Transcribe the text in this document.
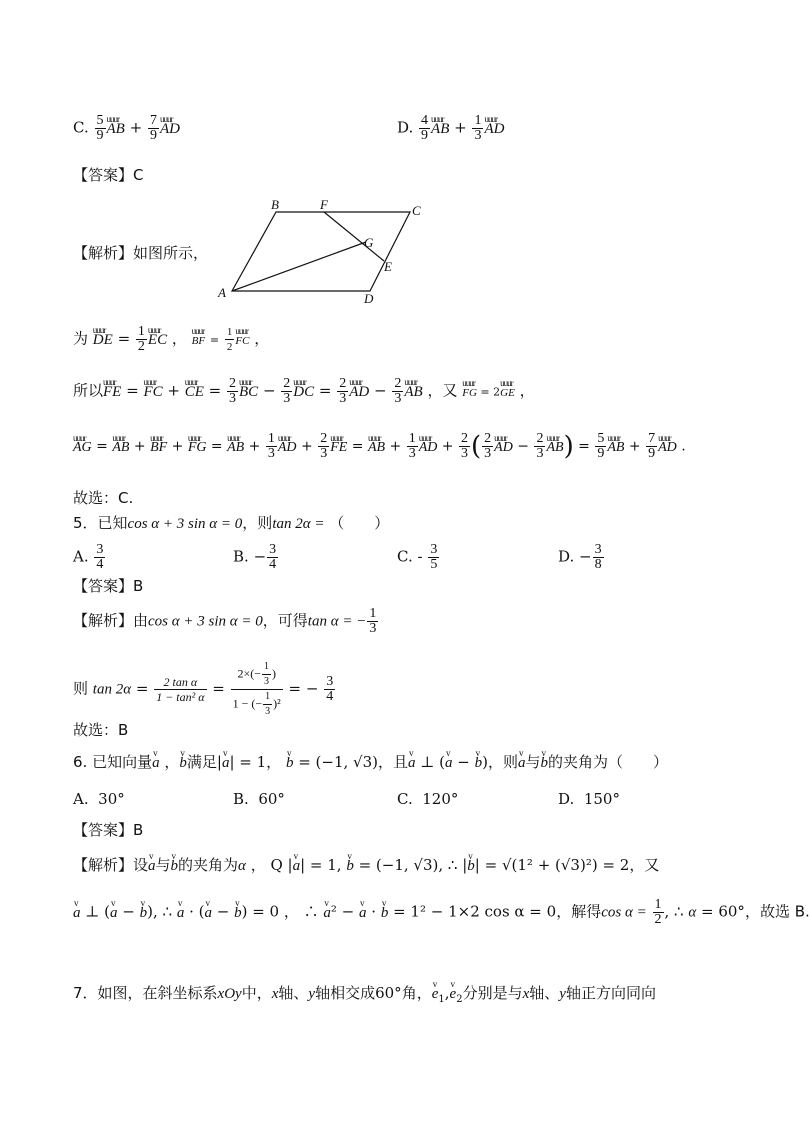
C. $\frac{5}{9}$ uuur AB + $\frac{7}{9}$ uuur AD	D. $\frac{4}{9}$ uuur AB + $\frac{1}{3}$ uuur AD
【答案】C
B	F	C
G
E
A	D
【解析】如图所示，
为 uuur DE = $\frac{1}{2}$ uuur EC ， uuur BF = $\frac{1}{2}$ uuur FC ，
所以uuur FE = uuur FC + uuur CE = $\frac{2}{3}$ uuur BC − $\frac{2}{3}$ uuur DC = $\frac{2}{3}$ uuur AD − $\frac{2}{3}$ uuur AB ，又 uuur FG = 2uuur GE ，
uuur AG = uuur AB + uuur BF + uuur FG = uuur AB + $\frac{1}{3}$ uuur AD + $\frac{2}{3}$ uuur FE = uuur AB + $\frac{1}{3}$ uuur AD + $\frac{2}{3}$ ( $\frac{2}{3}$ uuur AD − $\frac{2}{3}$ uuur $AB) = \frac{5}{9}$ uuur AB + $\frac{7}{9}$ uuur AD .
故选：C.
5．已知cos α + 3 sin α = 0，则tan 2α = （　　）
A. $\frac{3}{4}$	B. − $\frac{3}{4}$	C. - $\frac{3}{5}$	D. − $\frac{3}{8}$
【答案】B
【解析】由cos α + 3 sin α = 0，可得tan α = − $\frac{1}{3}$
则 $\tan 2\alpha = \frac{\text{2 tan α}}{\text{1 − tan² α}} = \frac{2\times(- \frac{1}{3} )}{1 - (- \frac{1}{3} )^2}$ = − $\frac{3}{4}$
故选：B
6. 已知向量v a ，v b满足|v a| = 1， v b = (−1, √3)，且v a ⊥ (v a − v b)，则v a与v b的夹角为（　　）
A. 30°	B. 60°	C. 120°	D. 150°
【答案】B
【解析】设v a与v b的夹角为α ， Q |v a| = 1, v b = (−1, √3), ∴ |v b| = √(1² + (√3)²) = 2，又
v a ⊥ (v a − v b), ∴ v a · (v a − v b) = 0 ， ∴ v a² − v a · v b = 1² − 1×2 cos α = 0，解得$\cos \alpha = \frac{1}{2}$ , ∴ α = 60°，故选 B.
7．如图，在斜坐标系xOy中，x轴、y轴相交成60°角，v $e_1,v$ $e_2$分别是与x轴、y轴正方向同向
